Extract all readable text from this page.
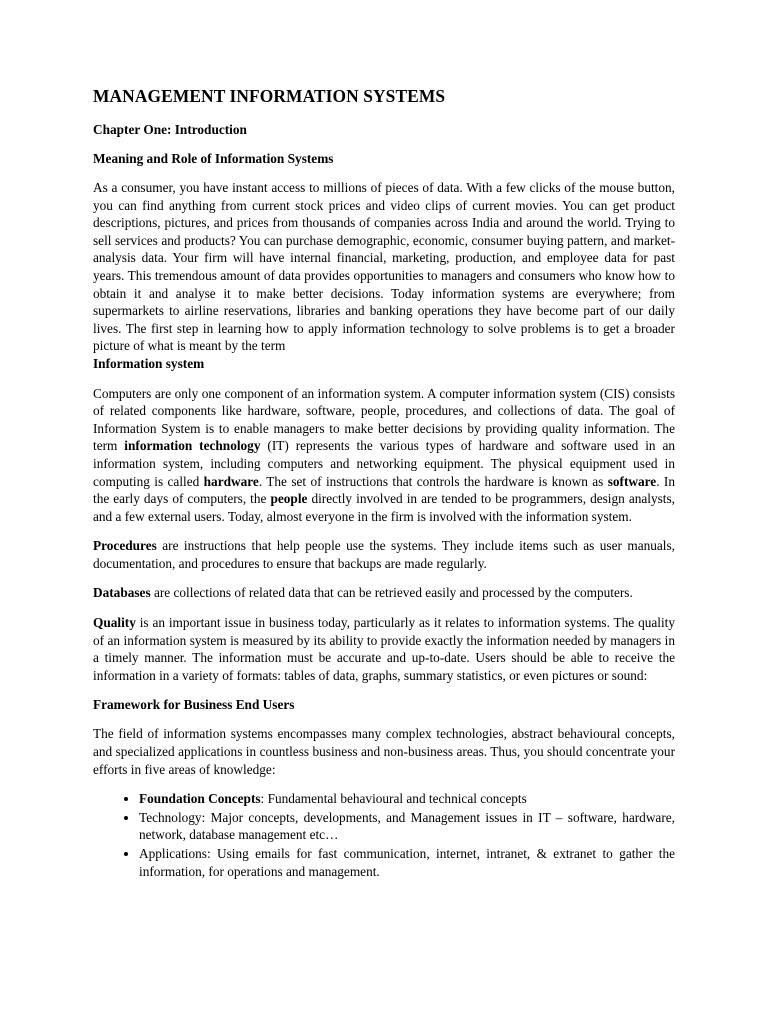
MANAGEMENT INFORMATION SYSTEMS
Chapter One: Introduction
Meaning and Role of Information Systems

As a consumer, you have instant access to millions of pieces of data. With a few clicks of the mouse button, you can find anything from current stock prices and video clips of current movies. You can get product descriptions, pictures, and prices from thousands of companies across India and around the world. Trying to sell services and products? You can purchase demographic, economic, consumer buying pattern, and market-analysis data. Your firm will have internal financial, marketing, production, and employee data for past years. This tremendous amount of data provides opportunities to managers and consumers who know how to obtain it and analyse it to make better decisions. Today information systems are everywhere; from supermarkets to airline reservations, libraries and banking operations they have become part of our daily lives. The first step in learning how to apply information technology to solve problems is to get a broader picture of what is meant by the term
Information system

Computers are only one component of an information system. A computer information system (CIS) consists of related components like hardware, software, people, procedures, and collections of data. The goal of Information System is to enable managers to make better decisions by providing quality information. The term information technology (IT) represents the various types of hardware and software used in an information system, including computers and networking equipment. The physical equipment used in computing is called hardware. The set of instructions that controls the hardware is known as software. In the early days of computers, the people directly involved in are tended to be programmers, design analysts, and a few external users. Today, almost everyone in the firm is involved with the information system.

Procedures are instructions that help people use the systems. They include items such as user manuals, documentation, and procedures to ensure that backups are made regularly.

Databases are collections of related data that can be retrieved easily and processed by the computers.

Quality is an important issue in business today, particularly as it relates to information systems. The quality of an information system is measured by its ability to provide exactly the information needed by managers in a timely manner. The information must be accurate and up-to-date. Users should be able to receive the information in a variety of formats: tables of data, graphs, summary statistics, or even pictures or sound:

Framework for Business End Users

The field of information systems encompasses many complex technologies, abstract behavioural concepts, and specialized applications in countless business and non-business areas. Thus, you should concentrate your efforts in five areas of knowledge:

• Foundation Concepts: Fundamental behavioural and technical concepts
• Technology: Major concepts, developments, and Management issues in IT – software, hardware, network, database management etc…
• Applications: Using emails for fast communication, internet, intranet, & extranet to gather the information, for operations and management.
